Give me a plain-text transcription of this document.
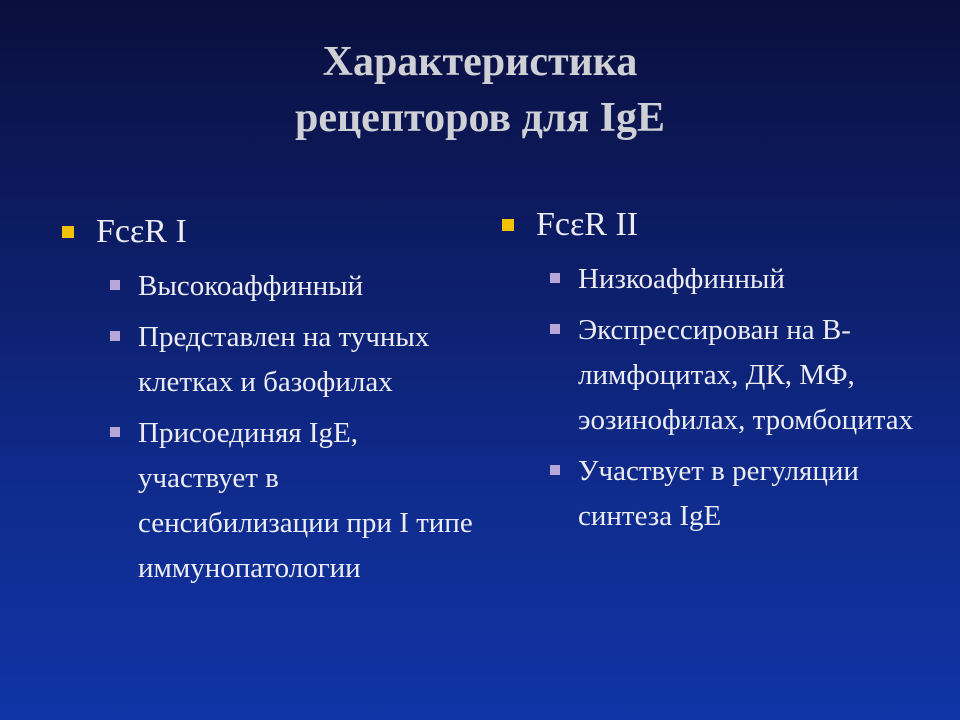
Характеристика
рецепторов для IgE
FcεR I
Высокоаффинный
Представлен на тучных клетках и базофилах
Присоединяя IgE, участвует в сенсибилизации при I типе иммунопатологии
FcεR II
Низкоаффинный
Экспрессирован на В-лимфоцитах, ДК, МФ, эозинофилах, тромбоцитах
Участвует в регуляции синтеза IgE
